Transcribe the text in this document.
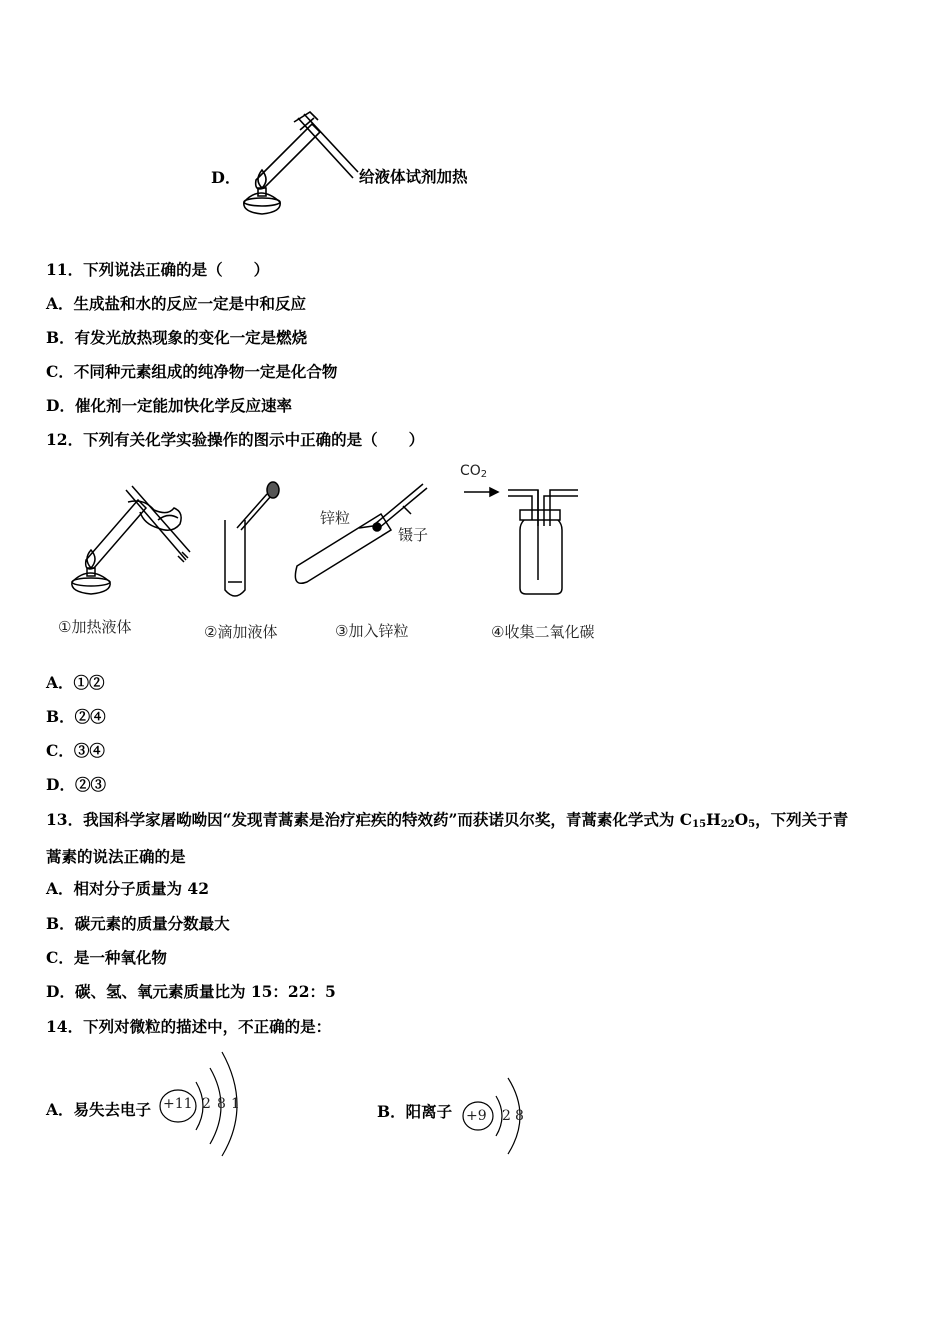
D．	给液体试剂加热
11．下列说法正确的是（　　）
A．生成盐和水的反应一定是中和反应
B．有发光放热现象的变化一定是燃烧
C．不同种元素组成的纯净物一定是化合物
D．催化剂一定能加快化学反应速率
12．下列有关化学实验操作的图示中正确的是（　　）
锌粒
镊子
$CO_2$
①加热液体	②滴加液体	③加入锌粒	④收集二氧化碳
A．①②
B．②④
C．③④
D．②③
13．我国科学家屠呦呦因“发现青蒿素是治疗疟疾的特效药”而获诺贝尔奖，青蒿素化学式为 $C_{15}H_{22}O_5$，下列关于青
蒿素的说法正确的是
A．相对分子质量为 42
B．碳元素的质量分数最大
C．是一种氧化物
D．碳、氢、氧元素质量比为 15：22：5
14．下列对微粒的描述中，不正确的是：
A．易失去电子 +11 2 8 1	B．阳离子 +9 2 8
